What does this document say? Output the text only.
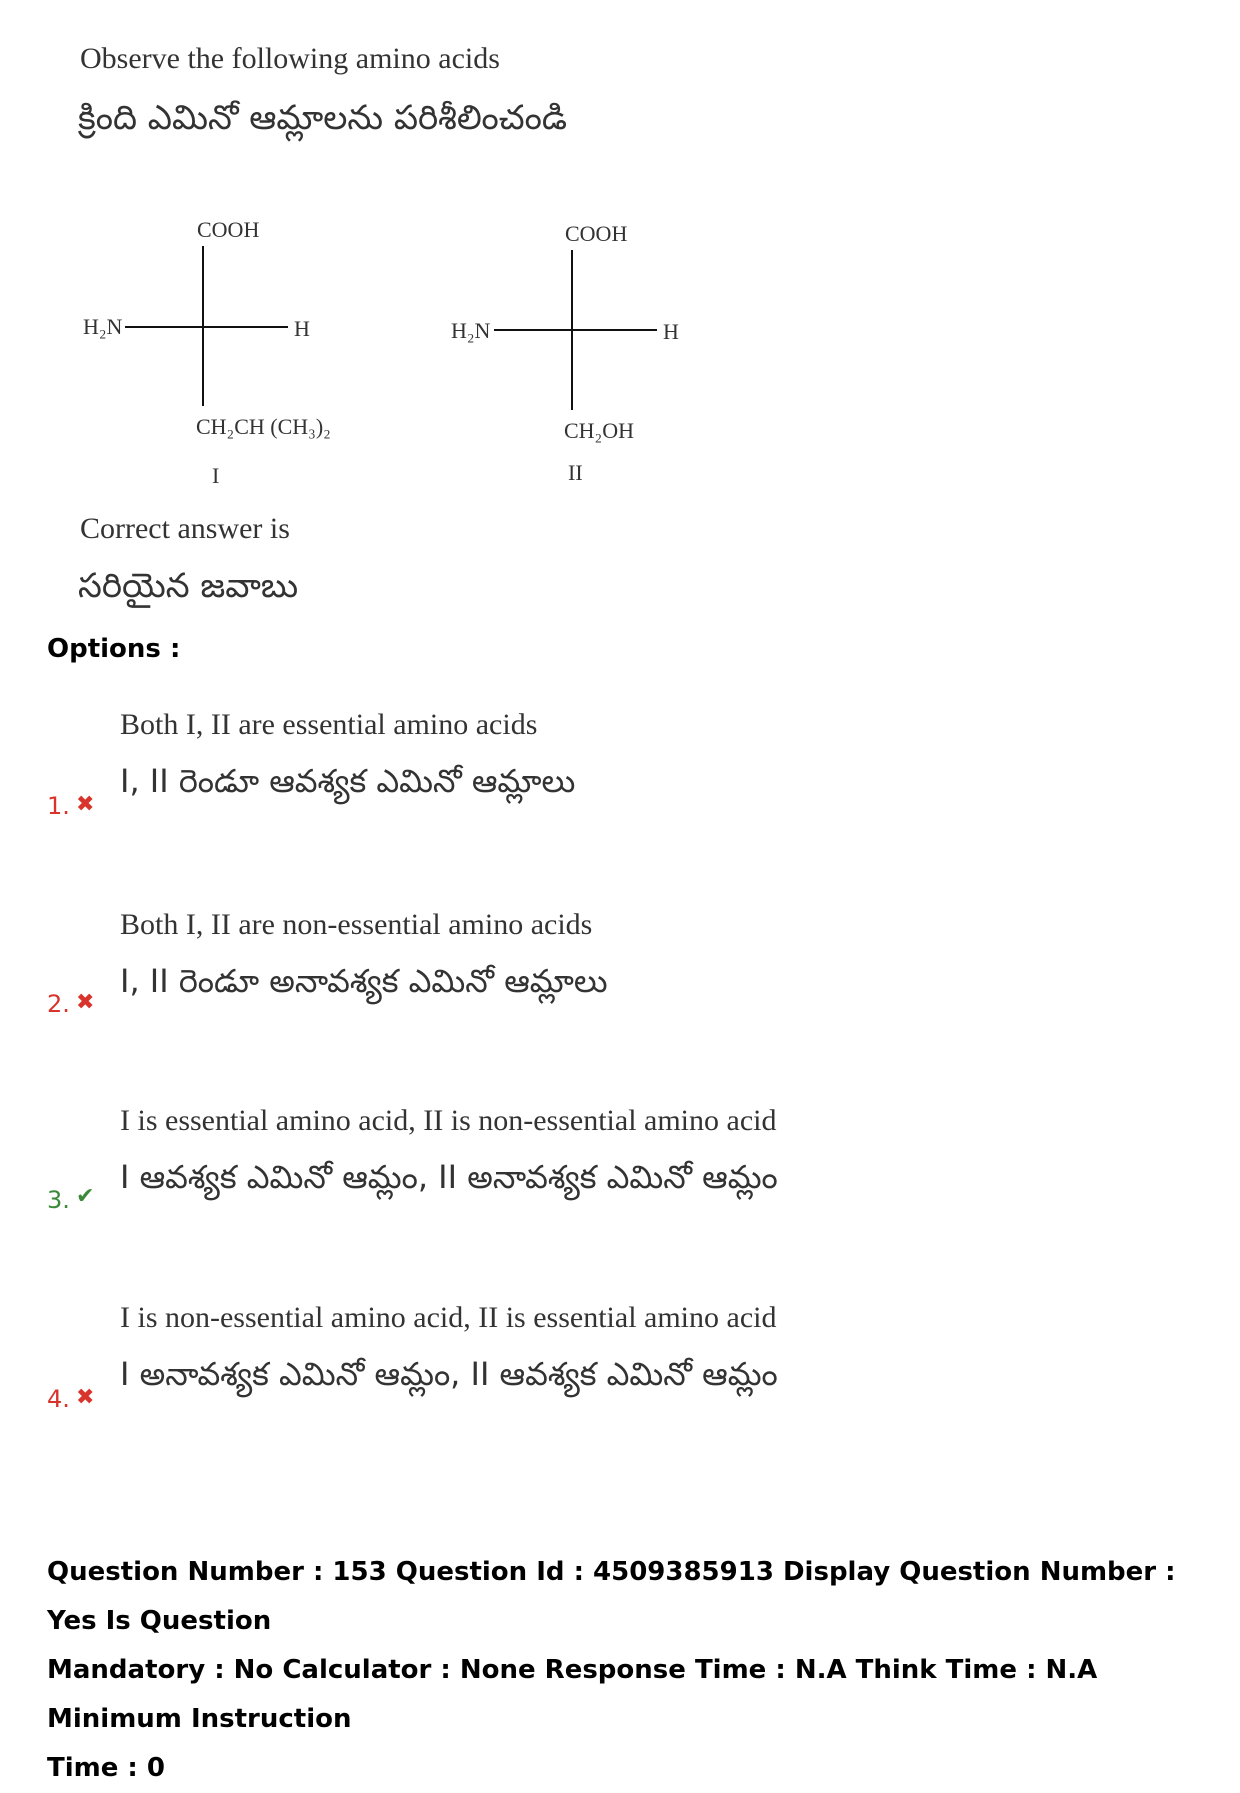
Observe the following amino acids
క్రింది ఎమినో ఆమ్లాలను పరిశీలించండి
COOH
H₂N	H
CH₂CH (CH₃)₂
I
COOH
H₂N	H
CH₂OH
II
Correct answer is
సరియైన జవాబు
Options :
Both I, II are essential amino acids
I, II రెండూ ఆవశ్యక ఎమినో ఆమ్లాలు
1. ✖
Both I, II are non-essential amino acids
I, II రెండూ అనావశ్యక ఎమినో ఆమ్లాలు
2. ✖
I is essential amino acid, II is non-essential amino acid
I ఆవశ్యక ఎమినో ఆమ్లం, II అనావశ్యక ఎమినో ఆమ్లం
3. ✔
I is non-essential amino acid, II is essential amino acid
I అనావశ్యక ఎమినో ఆమ్లం, II ఆవశ్యక ఎమినో ఆమ్లం
4. ✖
Question Number : 153 Question Id : 4509385913 Display Question Number : Yes Is Question
Mandatory : No Calculator : None Response Time : N.A Think Time : N.A Minimum Instruction
Time : 0
